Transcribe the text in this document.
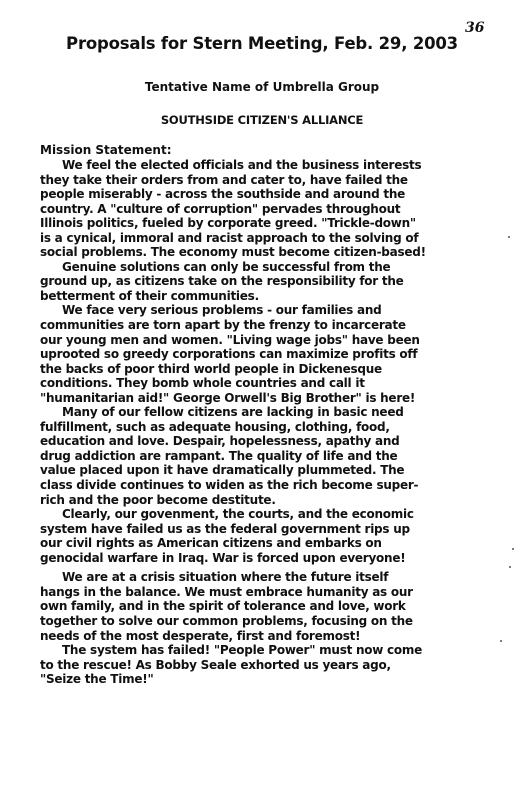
36
Proposals for Stern Meeting, Feb. 29, 2003
Tentative Name of Umbrella Group
SOUTHSIDE CITIZEN'S ALLIANCE
Mission Statement:
We feel the elected officials and the business interests
they take their orders from and cater to, have failed the
people miserably - across the southside and around the
country. A "culture of corruption" pervades throughout
Illinois politics, fueled by corporate greed. "Trickle-down"
is a cynical, immoral and racist approach to the solving of
social problems. The economy must become citizen-based!
Genuine solutions can only be successful from the
ground up, as citizens take on the responsibility for the
betterment of their communities.
We face very serious problems - our families and
communities are torn apart by the frenzy to incarcerate
our young men and women. "Living wage jobs" have been
uprooted so greedy corporations can maximize profits off
the backs of poor third world people in Dickenesque
conditions. They bomb whole countries and call it
"humanitarian aid!" George Orwell's Big Brother" is here!
Many of our fellow citizens are lacking in basic need
fulfillment, such as adequate housing, clothing, food,
education and love. Despair, hopelessness, apathy and
drug addiction are rampant. The quality of life and the
value placed upon it have dramatically plummeted. The
class divide continues to widen as the rich become super-
rich and the poor become destitute.
Clearly, our govenment, the courts, and the economic
system have failed us as the federal government rips up
our civil rights as American citizens and embarks on
genocidal warfare in Iraq. War is forced upon everyone!
We are at a crisis situation where the future itself
hangs in the balance. We must embrace humanity as our
own family, and in the spirit of tolerance and love, work
together to solve our common problems, focusing on the
needs of the most desperate, first and foremost!
The system has failed! "People Power" must now come
to the rescue! As Bobby Seale exhorted us years ago,
"Seize the Time!"
